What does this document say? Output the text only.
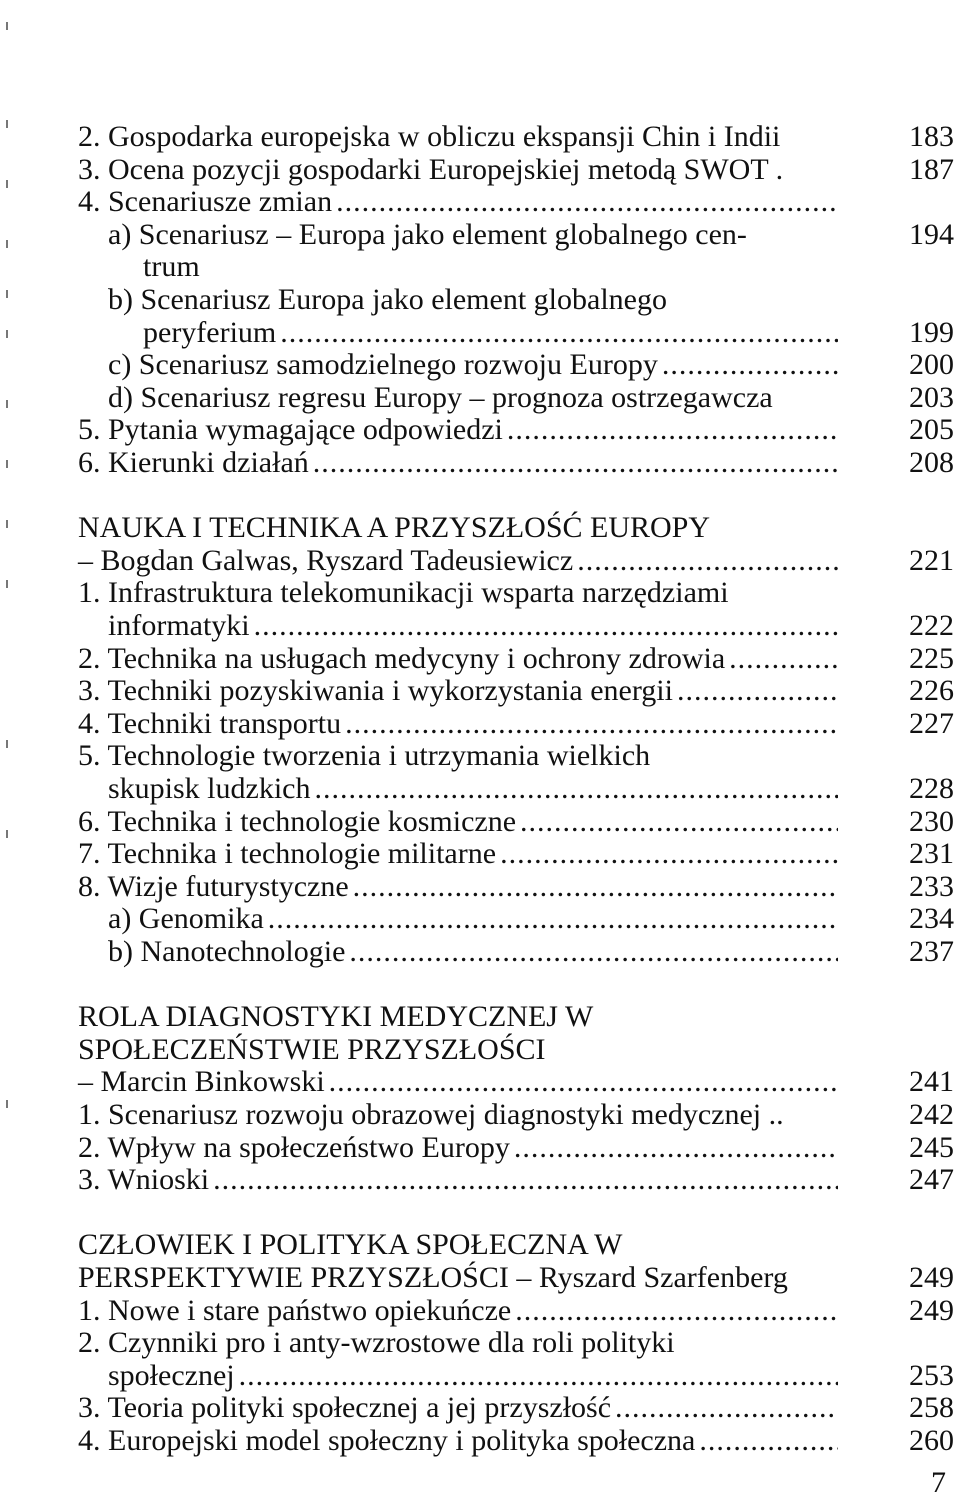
2. Gospodarka europejska w obliczu ekspansji Chin i Indii	183
3. Ocena pozycji gospodarki Europejskiej metodą SWOT .	187
4. Scenariusze zmian
.....
a) Scenariusz – Europa jako element globalnego cen-	194
trum
b) Scenariusz Europa jako element globalnego
peryferium	199
.....
c) Scenariusz samodzielnego rozwoju Europy	200
.....
d) Scenariusz regresu Europy – prognoza ostrzegawcza	203
5. Pytania wymagające odpowiedzi	205
.....
6. Kierunki działań	208
.....
NAUKA I TECHNIKA A PRZYSZŁOŚĆ EUROPY
– Bogdan Galwas, Ryszard Tadeusiewicz	221
.....
1. Infrastruktura telekomunikacji wsparta narzędziami
informatyki	222
.....
2. Technika na usługach medycyny i ochrony zdrowia	225
.....
3. Techniki pozyskiwania i wykorzystania energii	226
.....
4. Techniki transportu	227
.....
5. Technologie tworzenia i utrzymania wielkich
skupisk ludzkich	228
.....
6. Technika i technologie kosmiczne	230
.....
7. Technika i technologie militarne	231
.....
8. Wizje futurystyczne	233
.....
a) Genomika	234
.....
b) Nanotechnologie	237
.....
ROLA DIAGNOSTYKI MEDYCZNEJ W
SPOŁECZEŃSTWIE PRZYSZŁOŚCI
– Marcin Binkowski	241
.....
1. Scenariusz rozwoju obrazowej diagnostyki medycznej ..	242
2. Wpływ na społeczeństwo Europy	245
.....
3. Wnioski	247
.....
CZŁOWIEK I POLITYKA SPOŁECZNA W
PERSPEKTYWIE PRZYSZŁOŚCI – Ryszard Szarfenberg	249
1. Nowe i stare państwo opiekuńcze	249
.....
2. Czynniki pro i anty-wzrostowe dla roli polityki
społecznej	253
.....
3. Teoria polityki społecznej a jej przyszłość	258
.....
4. Europejski model społeczny i polityka społeczna	260
.....
7
